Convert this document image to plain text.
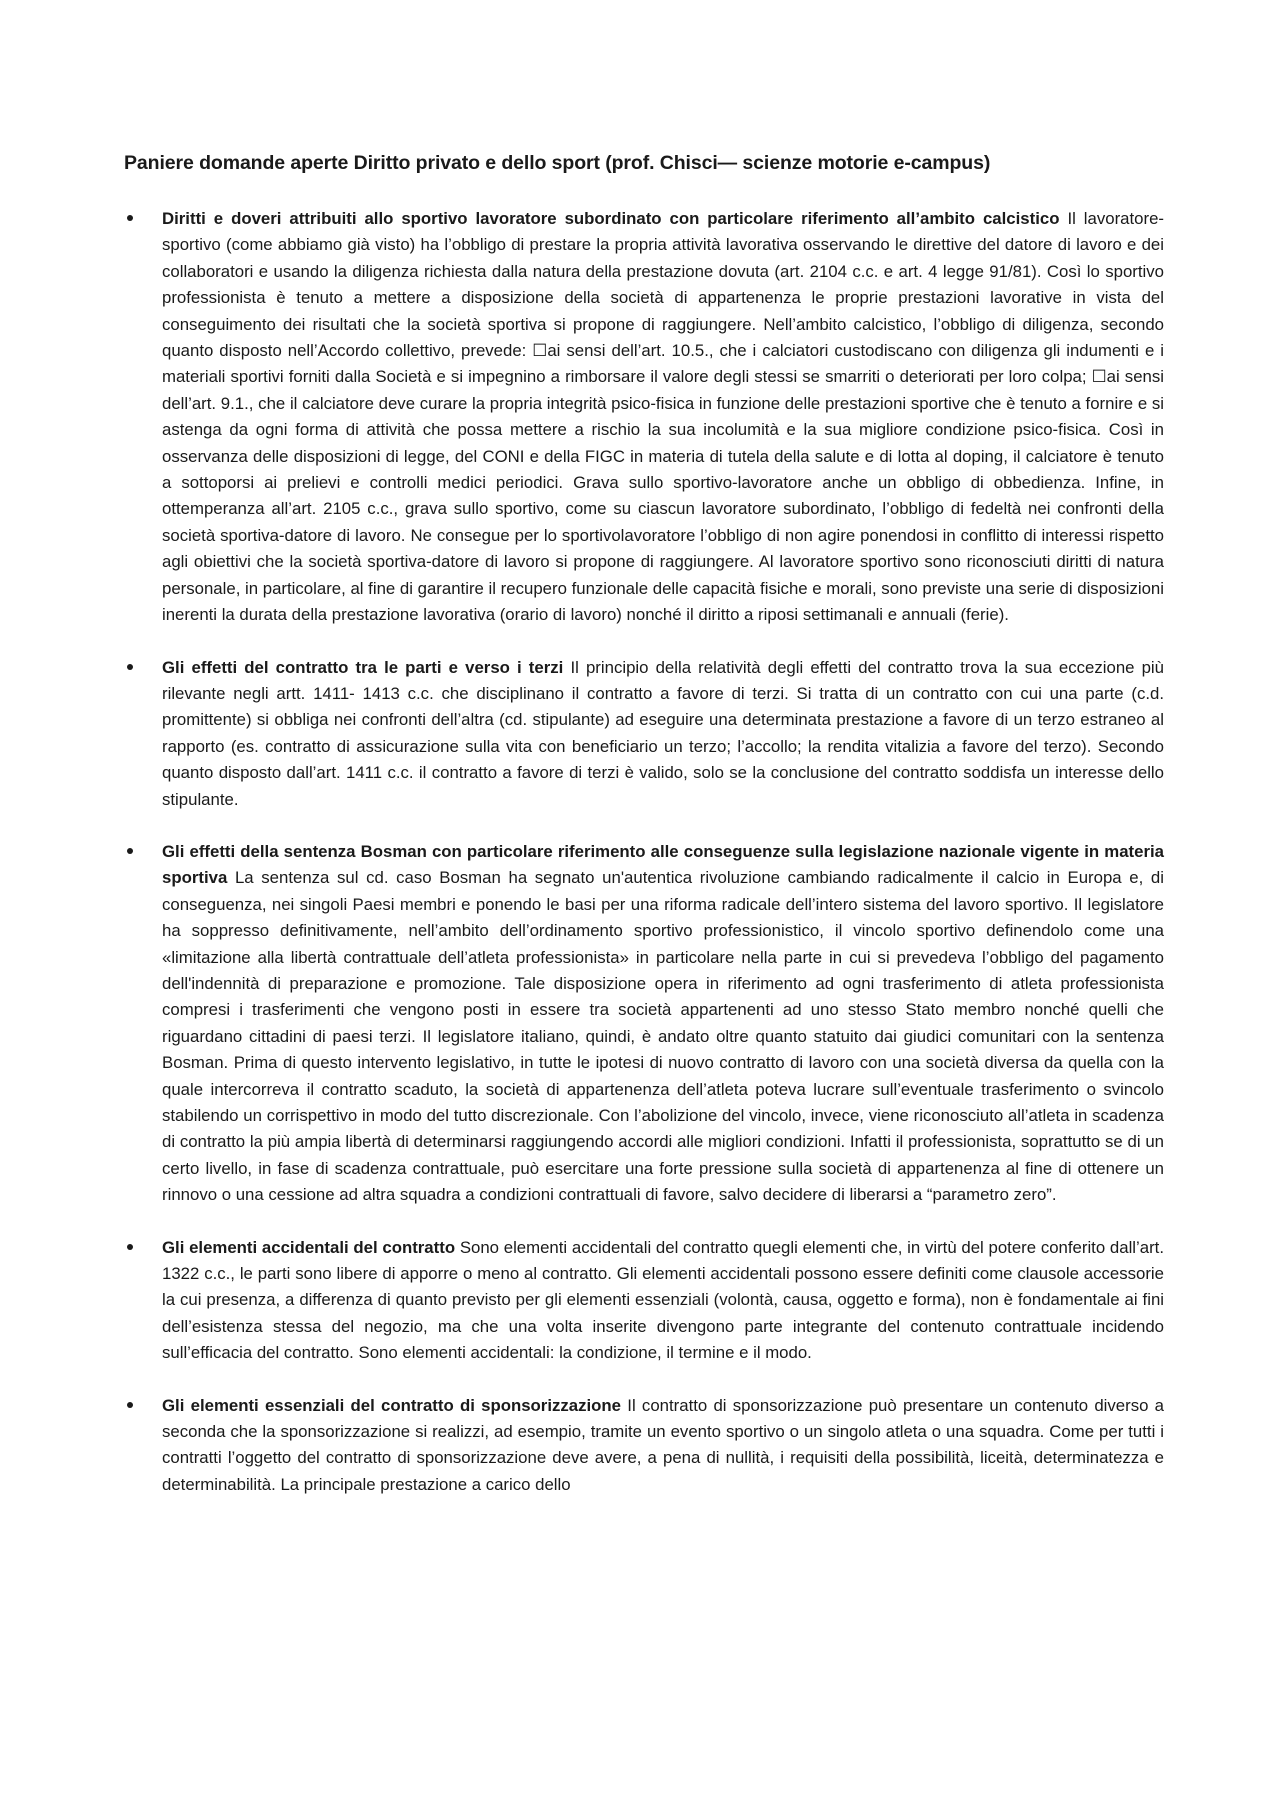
Paniere domande aperte Diritto privato e dello sport (prof. Chisci— scienze motorie e-campus)

Diritti e doveri attribuiti allo sportivo lavoratore subordinato con particolare riferimento all’ambito calcistico Il lavoratore-sportivo (come abbiamo già visto) ha l’obbligo di prestare la propria attività lavorativa osservando le direttive del datore di lavoro e dei collaboratori e usando la diligenza richiesta dalla natura della prestazione dovuta (art. 2104 c.c. e art. 4 legge 91/81). Così lo sportivo professionista è tenuto a mettere a disposizione della società di appartenenza le proprie prestazioni lavorative in vista del conseguimento dei risultati che la società sportiva si propone di raggiungere. Nell’ambito calcistico, l’obbligo di diligenza, secondo quanto disposto nell’Accordo collettivo, prevede: ☐ai sensi dell’art. 10.5., che i calciatori custodiscano con diligenza gli indumenti e i materiali sportivi forniti dalla Società e si impegnino a rimborsare il valore degli stessi se smarriti o deteriorati per loro colpa; ☐ai sensi dell’art. 9.1., che il calciatore deve curare la propria integrità psico-fisica in funzione delle prestazioni sportive che è tenuto a fornire e si astenga da ogni forma di attività che possa mettere a rischio la sua incolumità e la sua migliore condizione psico-fisica. Così in osservanza delle disposizioni di legge, del CONI e della FIGC in materia di tutela della salute e di lotta al doping, il calciatore è tenuto a sottoporsi ai prelievi e controlli medici periodici. Grava sullo sportivo-lavoratore anche un obbligo di obbedienza. Infine, in ottemperanza all’art. 2105 c.c., grava sullo sportivo, come su ciascun lavoratore subordinato, l’obbligo di fedeltà nei confronti della società sportiva-datore di lavoro. Ne consegue per lo sportivolavoratore l’obbligo di non agire ponendosi in conflitto di interessi rispetto agli obiettivi che la società sportiva-datore di lavoro si propone di raggiungere. Al lavoratore sportivo sono riconosciuti diritti di natura personale, in particolare, al fine di garantire il recupero funzionale delle capacità fisiche e morali, sono previste una serie di disposizioni inerenti la durata della prestazione lavorativa (orario di lavoro) nonché il diritto a riposi settimanali e annuali (ferie).

Gli effetti del contratto tra le parti e verso i terzi Il principio della relatività degli effetti del contratto trova la sua eccezione più rilevante negli artt. 1411- 1413 c.c. che disciplinano il contratto a favore di terzi. Si tratta di un contratto con cui una parte (c.d. promittente) si obbliga nei confronti dell’altra (cd. stipulante) ad eseguire una determinata prestazione a favore di un terzo estraneo al rapporto (es. contratto di assicurazione sulla vita con beneficiario un terzo; l’accollo; la rendita vitalizia a favore del terzo). Secondo quanto disposto dall’art. 1411 c.c. il contratto a favore di terzi è valido, solo se la conclusione del contratto soddisfa un interesse dello stipulante.

Gli effetti della sentenza Bosman con particolare riferimento alle conseguenze sulla legislazione nazionale vigente in materia sportiva La sentenza sul cd. caso Bosman ha segnato un'autentica rivoluzione cambiando radicalmente il calcio in Europa e, di conseguenza, nei singoli Paesi membri e ponendo le basi per una riforma radicale dell’intero sistema del lavoro sportivo. Il legislatore ha soppresso definitivamente, nell’ambito dell’ordinamento sportivo professionistico, il vincolo sportivo definendolo come una «limitazione alla libertà contrattuale dell’atleta professionista» in particolare nella parte in cui si prevedeva l’obbligo del pagamento dell'indennità di preparazione e promozione. Tale disposizione opera in riferimento ad ogni trasferimento di atleta professionista compresi i trasferimenti che vengono posti in essere tra società appartenenti ad uno stesso Stato membro nonché quelli che riguardano cittadini di paesi terzi. Il legislatore italiano, quindi, è andato oltre quanto statuito dai giudici comunitari con la sentenza Bosman. Prima di questo intervento legislativo, in tutte le ipotesi di nuovo contratto di lavoro con una società diversa da quella con la quale intercorreva il contratto scaduto, la società di appartenenza dell’atleta poteva lucrare sull’eventuale trasferimento o svincolo stabilendo un corrispettivo in modo del tutto discrezionale. Con l’abolizione del vincolo, invece, viene riconosciuto all’atleta in scadenza di contratto la più ampia libertà di determinarsi raggiungendo accordi alle migliori condizioni. Infatti il professionista, soprattutto se di un certo livello, in fase di scadenza contrattuale, può esercitare una forte pressione sulla società di appartenenza al fine di ottenere un rinnovo o una cessione ad altra squadra a condizioni contrattuali di favore, salvo decidere di liberarsi a “parametro zero”.

Gli elementi accidentali del contratto Sono elementi accidentali del contratto quegli elementi che, in virtù del potere conferito dall’art. 1322 c.c., le parti sono libere di apporre o meno al contratto. Gli elementi accidentali possono essere definiti come clausole accessorie la cui presenza, a differenza di quanto previsto per gli elementi essenziali (volontà, causa, oggetto e forma), non è fondamentale ai fini dell’esistenza stessa del negozio, ma che una volta inserite divengono parte integrante del contenuto contrattuale incidendo sull’efficacia del contratto. Sono elementi accidentali: la condizione, il termine e il modo.

Gli elementi essenziali del contratto di sponsorizzazione Il contratto di sponsorizzazione può presentare un contenuto diverso a seconda che la sponsorizzazione si realizzi, ad esempio, tramite un evento sportivo o un singolo atleta o una squadra. Come per tutti i contratti l’oggetto del contratto di sponsorizzazione deve avere, a pena di nullità, i requisiti della possibilità, liceità, determinatezza e determinabilità. La principale prestazione a carico dello
